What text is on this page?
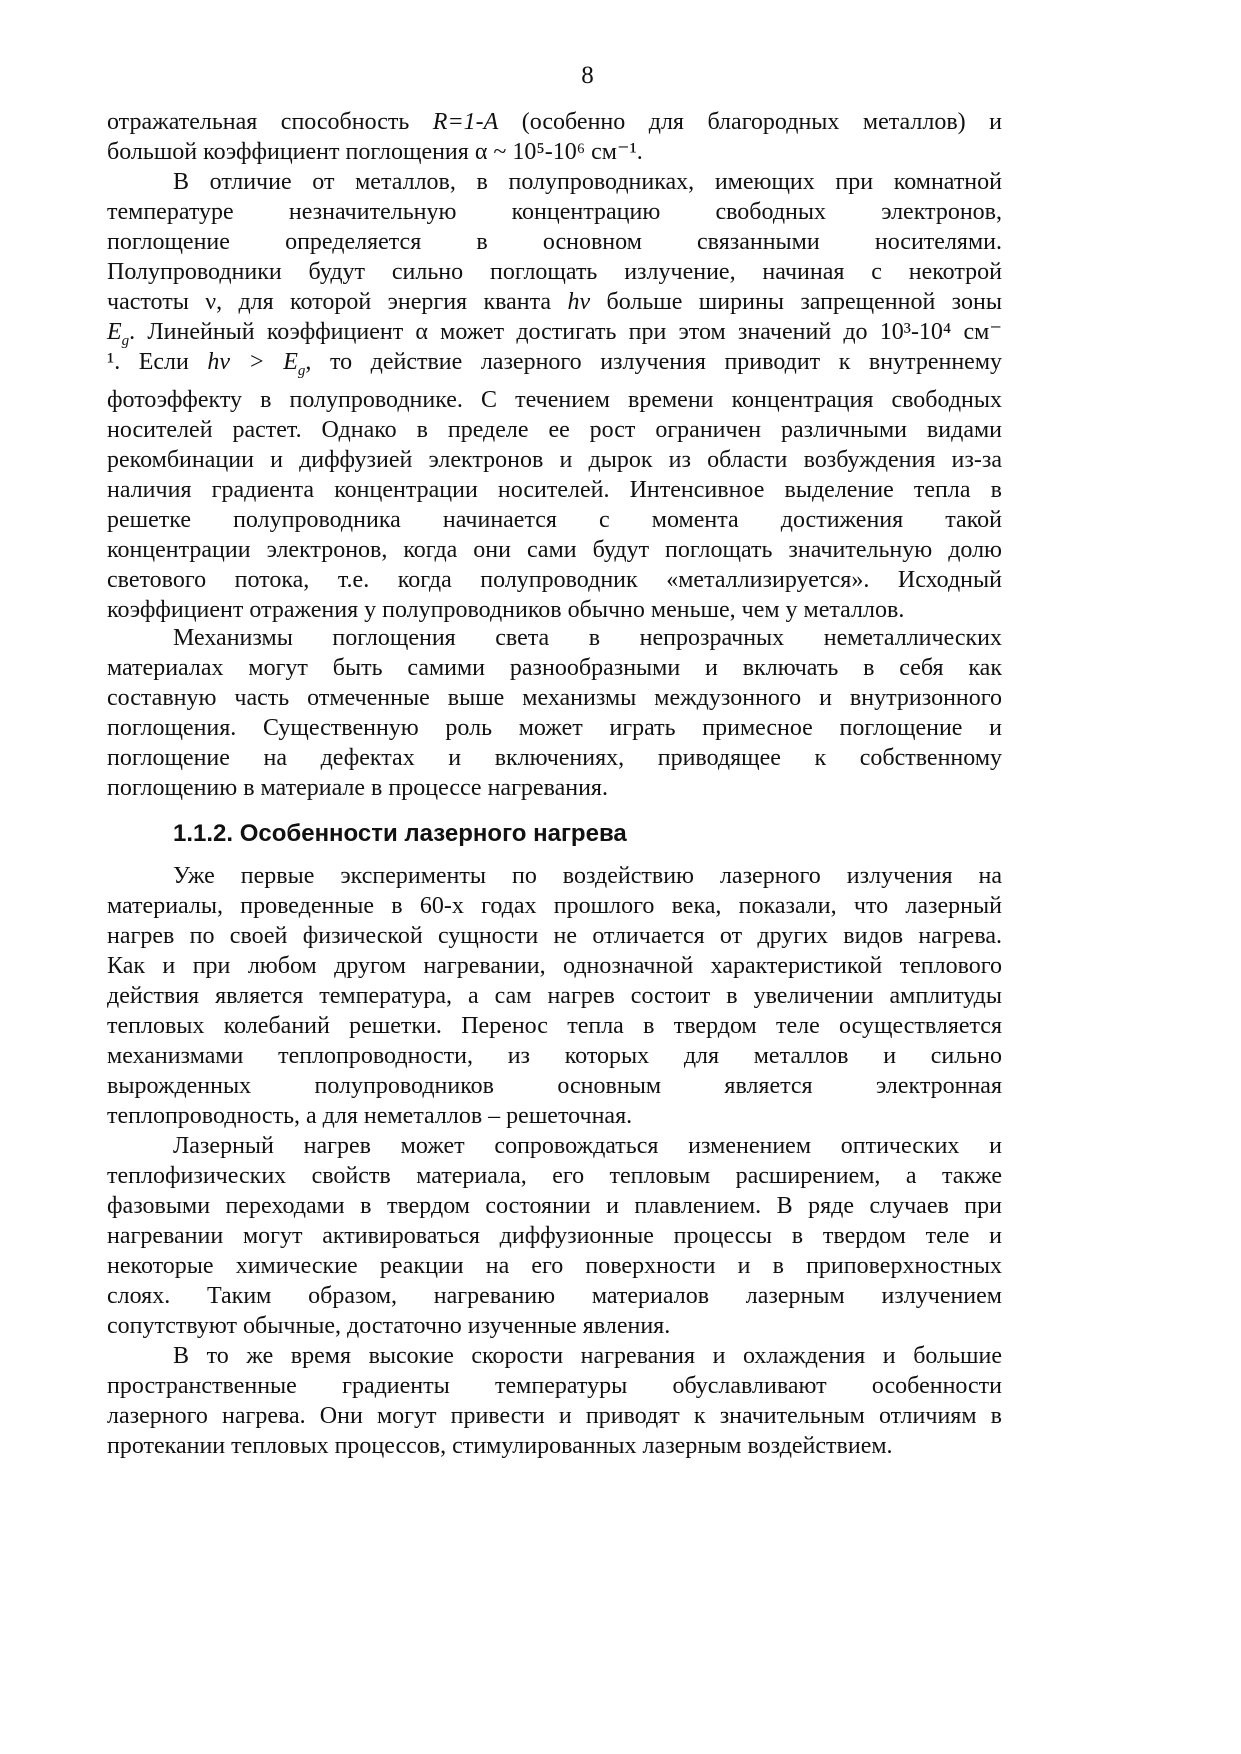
8
отражательная способность R=1-A (особенно для благородных металлов) и
большой коэффициент поглощения α ~ 10⁵-10⁶ см⁻¹.
В отличие от металлов, в полупроводниках, имеющих при комнатной
температуре незначительную концентрацию свободных электронов,
поглощение определяется в основном связанными носителями.
Полупроводники будут сильно поглощать излучение, начиная с некотрой
частоты ν, для которой энергия кванта hν больше ширины запрещенной зоны
$E_g$. Линейный коэффициент α может достигать при этом значений до 10³-10⁴ см⁻
¹. Если $h\nu > E_g$, то действие лазерного излучения приводит к внутреннему
фотоэффекту в полупроводнике. С течением времени концентрация свободных
носителей растет. Однако в пределе ее рост ограничен различными видами
рекомбинации и диффузией электронов и дырок из области возбуждения из-за
наличия градиента концентрации носителей. Интенсивное выделение тепла в
решетке полупроводника начинается с момента достижения такой
концентрации электронов, когда они сами будут поглощать значительную долю
светового потока, т.е. когда полупроводник «металлизируется». Исходный
коэффициент отражения у полупроводников обычно меньше, чем у металлов.
Механизмы поглощения света в непрозрачных неметаллических
материалах могут быть самими разнообразными и включать в себя как
составную часть отмеченные выше механизмы междузонного и внутризонного
поглощения. Существенную роль может играть примесное поглощение и
поглощение на дефектах и включениях, приводящее к собственному
поглощению в материале в процессе нагревания.
1.1.2. Особенности лазерного нагрева
Уже первые эксперименты по воздействию лазерного излучения на
материалы, проведенные в 60-х годах прошлого века, показали, что лазерный
нагрев по своей физической сущности не отличается от других видов нагрева.
Как и при любом другом нагревании, однозначной характеристикой теплового
действия является температура, а сам нагрев состоит в увеличении амплитуды
тепловых колебаний решетки. Перенос тепла в твердом теле осуществляется
механизмами теплопроводности, из которых для металлов и сильно
вырожденных полупроводников основным является электронная
теплопроводность, а для неметаллов – решеточная.
Лазерный нагрев может сопровождаться изменением оптических и
теплофизических свойств материала, его тепловым расширением, а также
фазовыми переходами в твердом состоянии и плавлением. В ряде случаев при
нагревании могут активироваться диффузионные процессы в твердом теле и
некоторые химические реакции на его поверхности и в приповерхностных
слоях. Таким образом, нагреванию материалов лазерным излучением
сопутствуют обычные, достаточно изученные явления.
В то же время высокие скорости нагревания и охлаждения и большие
пространственные градиенты температуры обуславливают особенности
лазерного нагрева. Они могут привести и приводят к значительным отличиям в
протекании тепловых процессов, стимулированных лазерным воздействием.
